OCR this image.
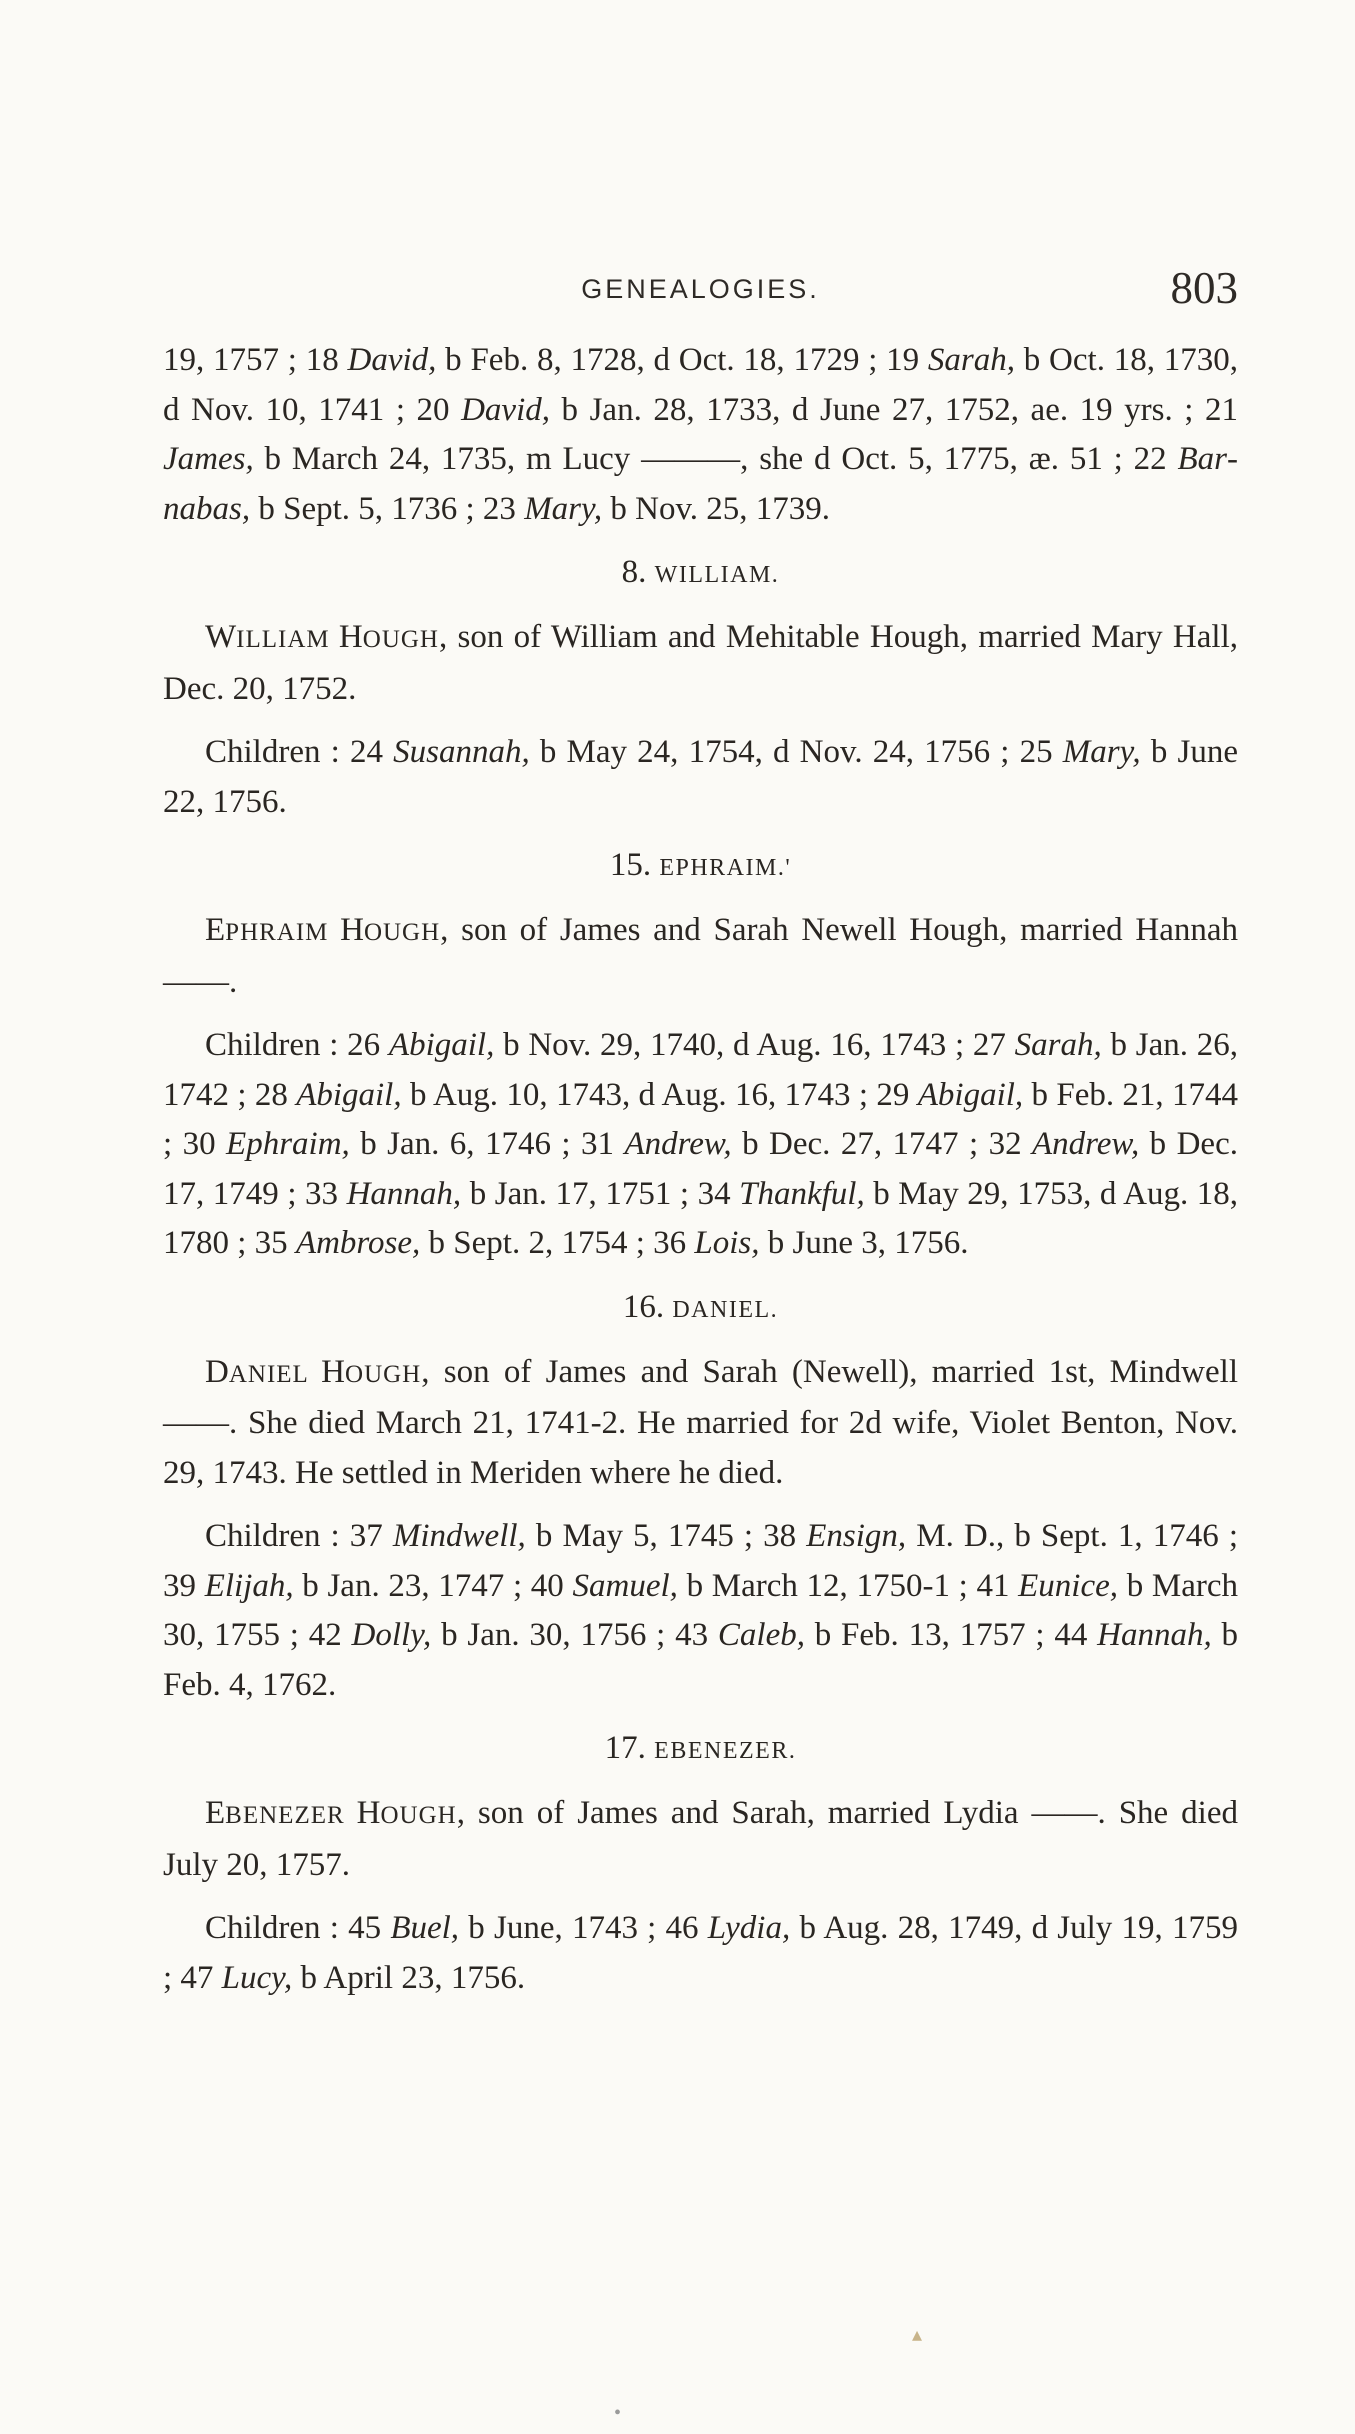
GENEALOGIES.	803

19, 1757 ; 18 David, b Feb. 8, 1728, d Oct. 18, 1729 ; 19 Sarah, b Oct. 18, 1730, d Nov. 10, 1741 ; 20 David, b Jan. 28, 1733, d June 27, 1752, ae. 19 yrs. ; 21 James, b March 24, 1735, m Lucy ———, she d Oct. 5, 1775, æ. 51 ; 22 Barnabas, b Sept. 5, 1736 ; 23 Mary, b Nov. 25, 1739.

8. WILLIAM.

WILLIAM HOUGH, son of William and Mehitable Hough, married Mary Hall, Dec. 20, 1752.

Children : 24 Susannah, b May 24, 1754, d Nov. 24, 1756 ; 25 Mary, b June 22, 1756.

15. EPHRAIM.'

EPHRAIM HOUGH, son of James and Sarah Newell Hough, married Hannah ——.

Children : 26 Abigail, b Nov. 29, 1740, d Aug. 16, 1743 ; 27 Sarah, b Jan. 26, 1742 ; 28 Abigail, b Aug. 10, 1743, d Aug. 16, 1743 ; 29 Abigail, b Feb. 21, 1744 ; 30 Ephraim, b Jan. 6, 1746 ; 31 Andrew, b Dec. 27, 1747 ; 32 Andrew, b Dec. 17, 1749 ; 33 Hannah, b Jan. 17, 1751 ; 34 Thankful, b May 29, 1753, d Aug. 18, 1780 ; 35 Ambrose, b Sept. 2, 1754 ; 36 Lois, b June 3, 1756.

16. DANIEL.

DANIEL HOUGH, son of James and Sarah (Newell), married 1st, Mindwell ——. She died March 21, 1741-2. He married for 2d wife, Violet Benton, Nov. 29, 1743. He settled in Meriden where he died.

Children : 37 Mindwell, b May 5, 1745 ; 38 Ensign, M. D., b Sept. 1, 1746 ; 39 Elijah, b Jan. 23, 1747 ; 40 Samuel, b March 12, 1750-1 ; 41 Eunice, b March 30, 1755 ; 42 Dolly, b Jan. 30, 1756 ; 43 Caleb, b Feb. 13, 1757 ; 44 Hannah, b Feb. 4, 1762.

17. EBENEZER.

EBENEZER HOUGH, son of James and Sarah, married Lydia ——. She died July 20, 1757.

Children : 45 Buel, b June, 1743 ; 46 Lydia, b Aug. 28, 1749, d July 19, 1759 ; 47 Lucy, b April 23, 1756.

▴
•
